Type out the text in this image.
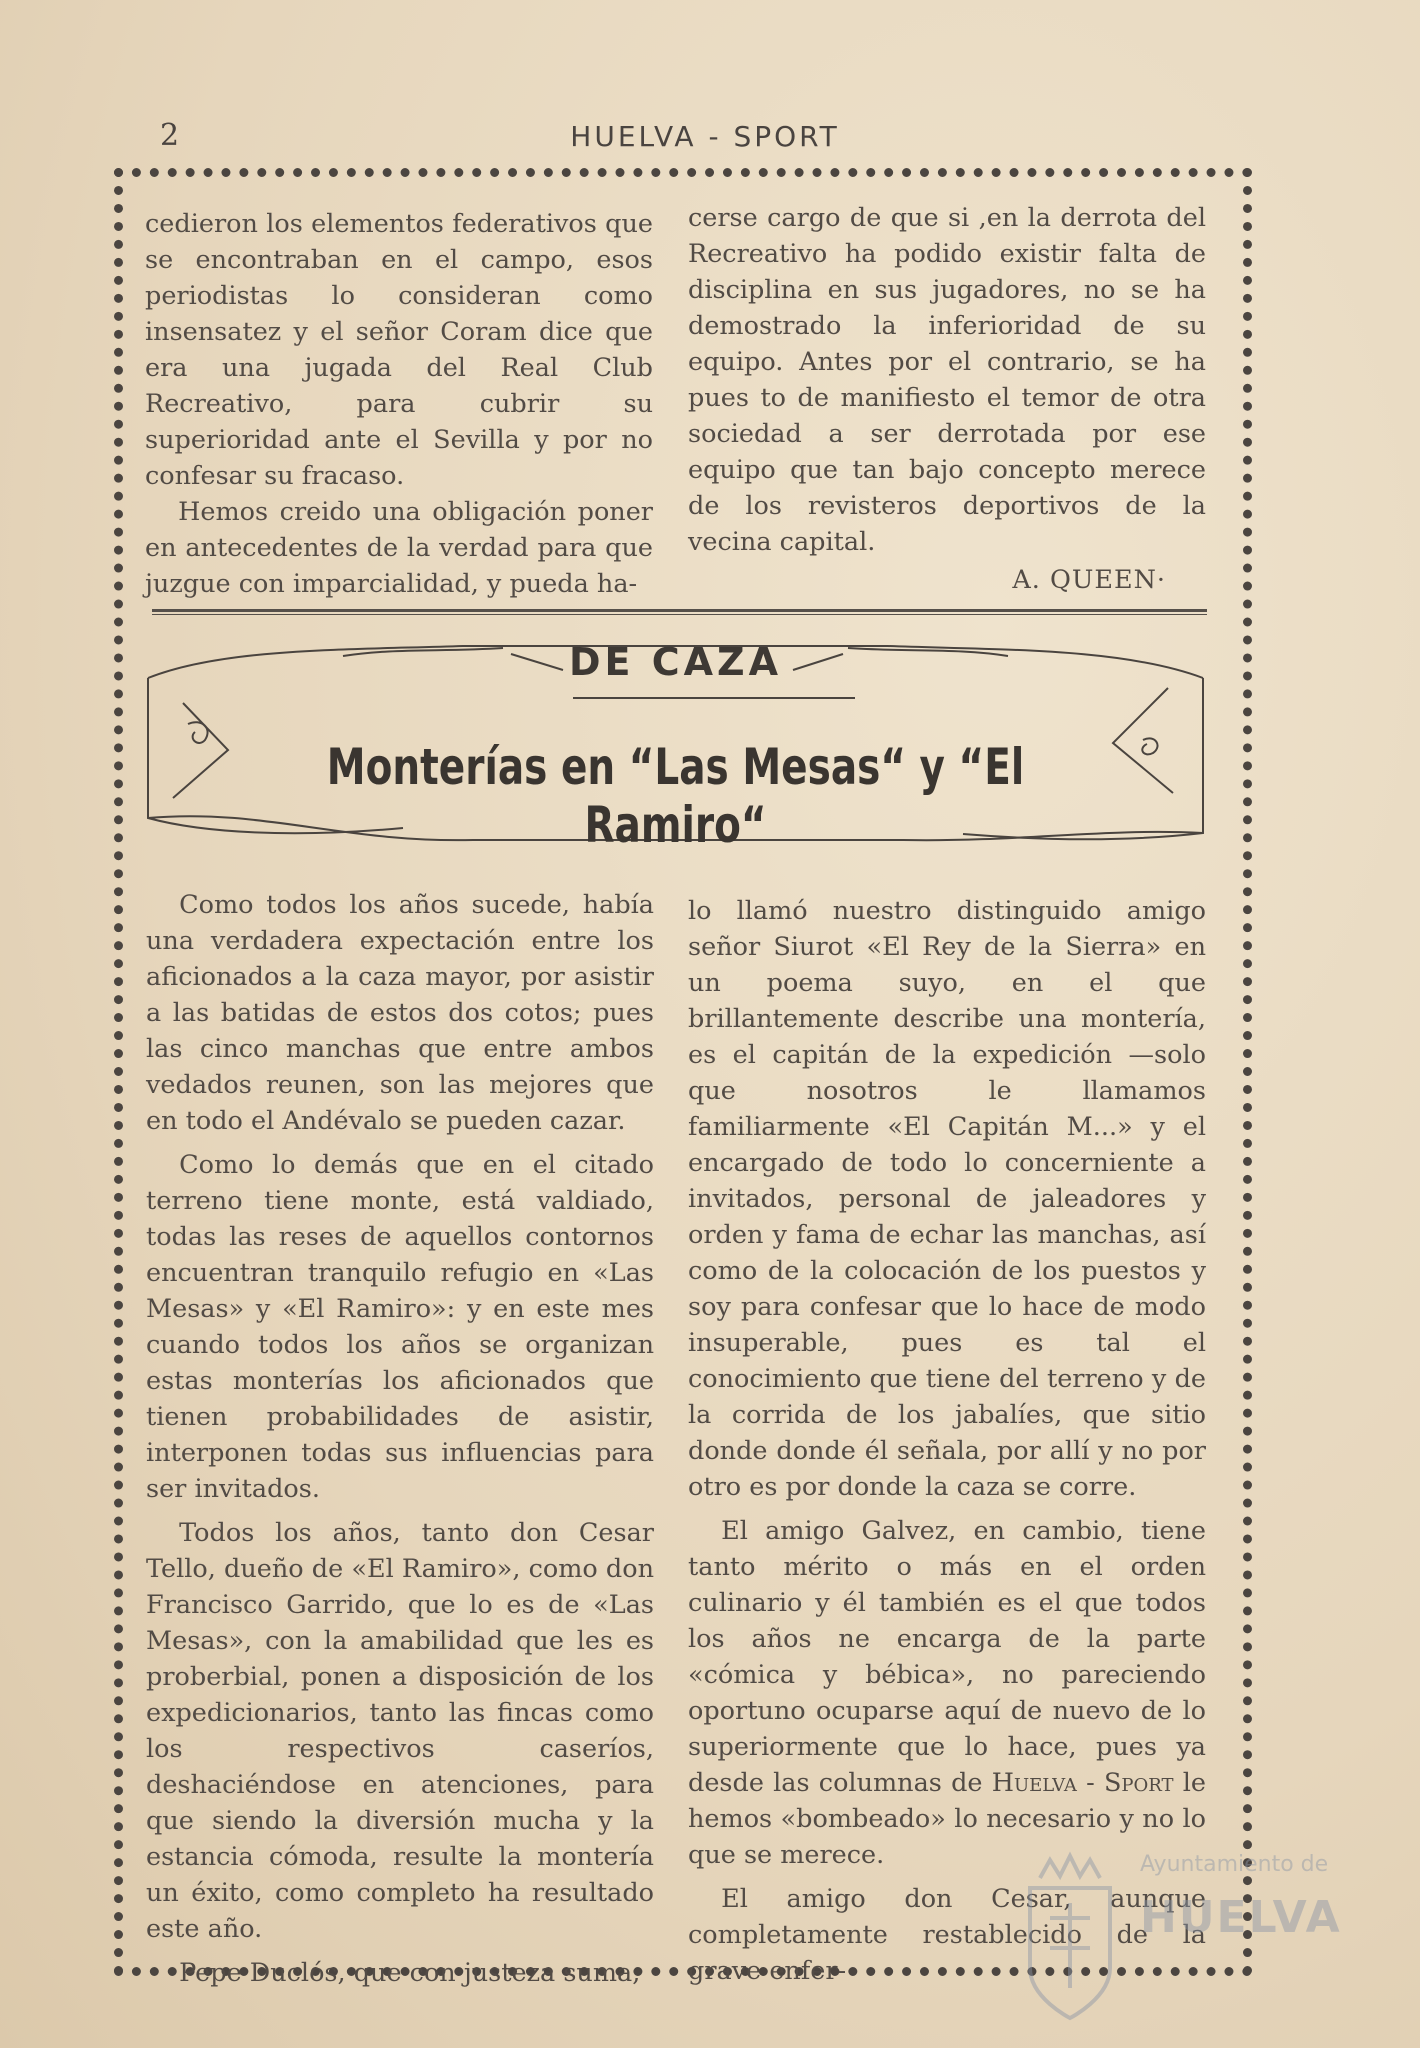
2	HUELVA - SPORT

cedieron los elementos federativos que se encontraban en el campo, esos periodistas lo consideran como insensatez y el señor Coram dice que era una jugada del Real Club Recreativo, para cubrir su superioridad ante el Sevilla y por no confesar su fracaso.

Hemos creido una obligación poner en antecedentes de la verdad para que juzgue con imparcialidad, y pueda ha-

cerse cargo de que si ,en la derrota del Recreativo ha podido existir falta de disciplina en sus jugadores, no se ha demostrado la inferioridad de su equipo. Antes por el contrario, se ha pues to de manifiesto el temor de otra sociedad a ser derrotada por ese equipo que tan bajo concepto merece de los revisteros deportivos de la vecina capital.

A. QUEEN·
DE CAZA
Monterías en “Las Mesas“ y “El Ramiro“

Como todos los años sucede, había una verdadera expectación entre los aficionados a la caza mayor, por asistir a las batidas de estos dos cotos; pues las cinco manchas que entre ambos vedados reunen, son las mejores que en todo el Andévalo se pueden cazar.

Como lo demás que en el citado terreno tiene monte, está valdiado, todas las reses de aquellos contornos encuentran tranquilo refugio en «Las Mesas» y «El Ramiro»: y en este mes cuando todos los años se organizan estas monterías los aficionados que tienen probabilidades de asistir, interponen todas sus influencias para ser invitados.

Todos los años, tanto don Cesar Tello, dueño de «El Ramiro», como don Francisco Garrido, que lo es de «Las Mesas», con la amabilidad que les es proberbial, ponen a disposición de los expedicionarios, tanto las fincas como los respectivos caseríos, deshaciéndose en atenciones, para que siendo la diversión mucha y la estancia cómoda, resulte la montería un éxito, como completo ha resultado este año.

Pepe Duclós, que con justeza suma,

lo llamó nuestro distinguido amigo señor Siurot «El Rey de la Sierra» en un poema suyo, en el que brillantemente describe una montería, es el capitán de la expedición —solo que nosotros le llamamos familiarmente «El Capitán M...» y el encargado de todo lo concerniente a invitados, personal de jaleadores y orden y fama de echar las manchas, así como de la colocación de los puestos y soy para confesar que lo hace de modo insuperable, pues es tal el conocimiento que tiene del terreno y de la corrida de los jabalíes, que sitio donde donde él señala, por allí y no por otro es por donde la caza se corre.

El amigo Galvez, en cambio, tiene tanto mérito o más en el orden culinario y él también es el que todos los años ne encarga de la parte «cómica y bébica», no pareciendo oportuno ocuparse aquí de nuevo de lo superiormente que lo hace, pues ya desde las columnas de Huelva - Sport le hemos «bombeado» lo necesario y no lo que se merece.

El amigo don Cesar, aunque completamente restablecido de la grave enfer-

Ayuntamiento de
HUELVA
